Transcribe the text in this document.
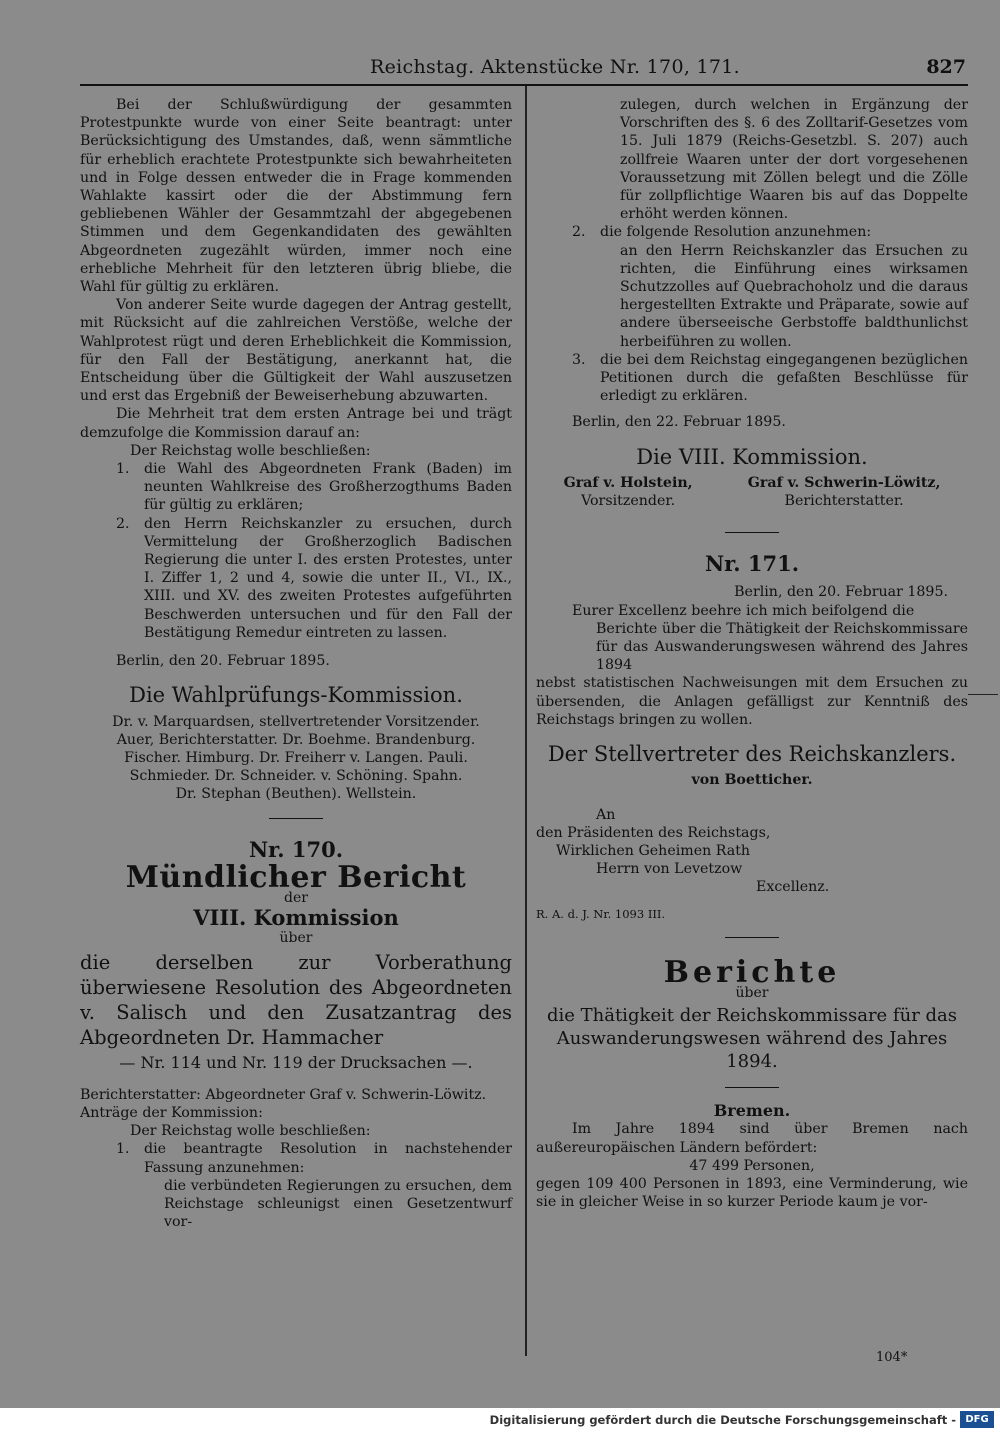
Reichstag. Aktenstücke Nr. 170, 171.	827

Bei der Schlußwürdigung der gesammten Protestpunkte wurde von einer Seite beantragt: unter Berücksichtigung des Umstandes, daß, wenn sämmtliche für erheblich erachtete Protestpunkte sich bewahrheiteten und in Folge dessen entweder die in Frage kommenden Wahlakte kassirt oder die der Abstimmung fern gebliebenen Wähler der Gesammtzahl der abgegebenen Stimmen und dem Gegenkandidaten des gewählten Abgeordneten zugezählt würden, immer noch eine erhebliche Mehrheit für den letzteren übrig bliebe, die Wahl für gültig zu erklären.

Von anderer Seite wurde dagegen der Antrag gestellt, mit Rücksicht auf die zahlreichen Verstöße, welche der Wahlprotest rügt und deren Erheblichkeit die Kommission, für den Fall der Bestätigung, anerkannt hat, die Entscheidung über die Gültigkeit der Wahl auszusetzen und erst das Ergebniß der Beweiserhebung abzuwarten.

Die Mehrheit trat dem ersten Antrage bei und trägt demzufolge die Kommission darauf an:

Der Reichstag wolle beschließen:

1.	die Wahl des Abgeordneten Frank (Baden) im neunten Wahlkreise des Großherzogthums Baden für gültig zu erklären;
2.	den Herrn Reichskanzler zu ersuchen, durch Vermittelung der Großherzoglich Badischen Regierung die unter I. des ersten Protestes, unter I. Ziffer 1, 2 und 4, sowie die unter II., VI., IX., XIII. und XV. des zweiten Protestes aufgeführten Beschwerden untersuchen und für den Fall der Bestätigung Remedur eintreten zu lassen.

Berlin, den 20. Februar 1895.

Die Wahlprüfungs-Kommission.

Dr. v. Marquardsen, stellvertretender Vorsitzender.

Auer, Berichterstatter. Dr. Boehme. Brandenburg.

Fischer. Himburg. Dr. Freiherr v. Langen. Pauli.

Schmieder. Dr. Schneider. v. Schöning. Spahn.

Dr. Stephan (Beuthen). Wellstein.

Nr. 170.
Mündlicher Bericht
der
VIII. Kommission
über

die derselben zur Vorberathung überwiesene Resolution des Abgeordneten v. Salisch und den Zusatzantrag des Abgeordneten Dr. Hammacher

— Nr. 114 und Nr. 119 der Drucksachen —.

Berichterstatter: Abgeordneter Graf v. Schwerin-Löwitz.

Anträge der Kommission:

Der Reichstag wolle beschließen:

1.	die beantragte Resolution in nachstehender Fassung anzunehmen:

die verbündeten Regierungen zu ersuchen, dem Reichstage schleunigst einen Gesetzentwurf vor-

zulegen, durch welchen in Ergänzung der Vorschriften des §. 6 des Zolltarif-Gesetzes vom 15. Juli 1879 (Reichs-Gesetzbl. S. 207) auch zollfreie Waaren unter der dort vorgesehenen Voraussetzung mit Zöllen belegt und die Zölle für zollpflichtige Waaren bis auf das Doppelte erhöht werden können.

2.	die folgende Resolution anzunehmen:

an den Herrn Reichskanzler das Ersuchen zu richten, die Einführung eines wirksamen Schutzzolles auf Quebrachoholz und die daraus hergestellten Extrakte und Präparate, sowie auf andere überseeische Gerbstoffe baldthunlichst herbeiführen zu wollen.

3.	die bei dem Reichstag eingegangenen bezüglichen Petitionen durch die gefaßten Beschlüsse für erledigt zu erklären.

Berlin, den 22. Februar 1895.

Die VIII. Kommission.
Graf v. Holstein,
Vorsitzender.
Graf v. Schwerin-Löwitz,
Berichterstatter.
Nr. 171.

Berlin, den 20. Februar 1895.

Eurer Excellenz beehre ich mich beifolgend die

Berichte über die Thätigkeit der Reichskommissare für das Auswanderungswesen während des Jahres 1894

nebst statistischen Nachweisungen mit dem Ersuchen zu übersenden, die Anlagen gefälligst zur Kenntniß des Reichstags bringen zu wollen.

Der Stellvertreter des Reichskanzlers.

von Boetticher.

An

den Präsidenten des Reichstags,

Wirklichen Geheimen Rath

Herrn von Levetzow

Excellenz.

R. A. d. J. Nr. 1093 III.

Berichte
über

die Thätigkeit der Reichskommissare für das Auswanderungswesen während des Jahres 1894.

Bremen.

Im Jahre 1894 sind über Bremen nach außereuropäischen Ländern befördert:

47 499 Personen,

gegen 109 400 Personen in 1893, eine Verminderung, wie sie in gleicher Weise in so kurzer Periode kaum je vor-

104*
Digitalisierung gefördert durch die Deutsche Forschungsgemeinschaft - DFG
